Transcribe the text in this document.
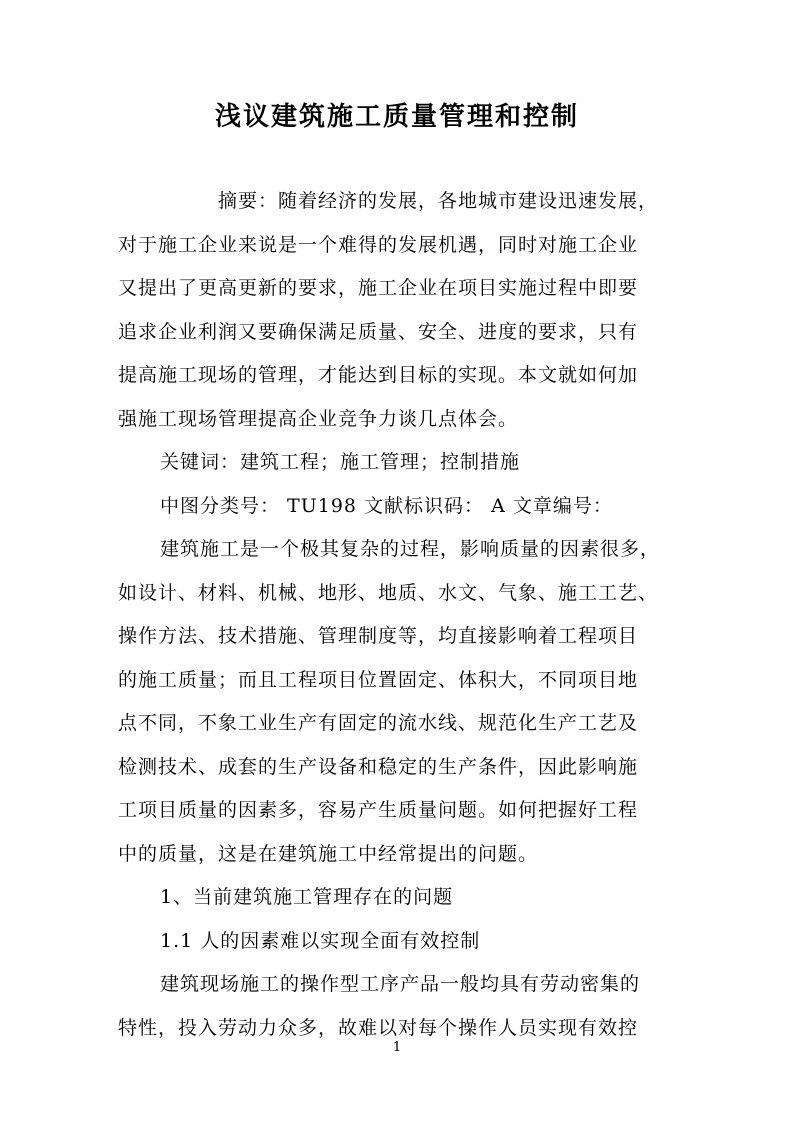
浅议建筑施工质量管理和控制
摘要：随着经济的发展，各地城市建设迅速发展，
对于施工企业来说是一个难得的发展机遇，同时对施工企业
又提出了更高更新的要求，施工企业在项目实施过程中即要
追求企业利润又要确保满足质量、安全、进度的要求，只有
提高施工现场的管理，才能达到目标的实现。本文就如何加
强施工现场管理提高企业竞争力谈几点体会。
关键词：建筑工程；施工管理；控制措施
中图分类号： TU198 文献标识码： A 文章编号：
建筑施工是一个极其复杂的过程，影响质量的因素很多，
如设计、材料、机械、地形、地质、水文、气象、施工工艺、
操作方法、技术措施、管理制度等，均直接影响着工程项目
的施工质量；而且工程项目位置固定、体积大，不同项目地
点不同，不象工业生产有固定的流水线、规范化生产工艺及
检测技术、成套的生产设备和稳定的生产条件，因此影响施
工项目质量的因素多，容易产生质量问题。如何把握好工程
中的质量，这是在建筑施工中经常提出的问题。
1、当前建筑施工管理存在的问题
1.1 人的因素难以实现全面有效控制
建筑现场施工的操作型工序产品一般均具有劳动密集的
特性，投入劳动力众多，故难以对每个操作人员实现有效控
1
